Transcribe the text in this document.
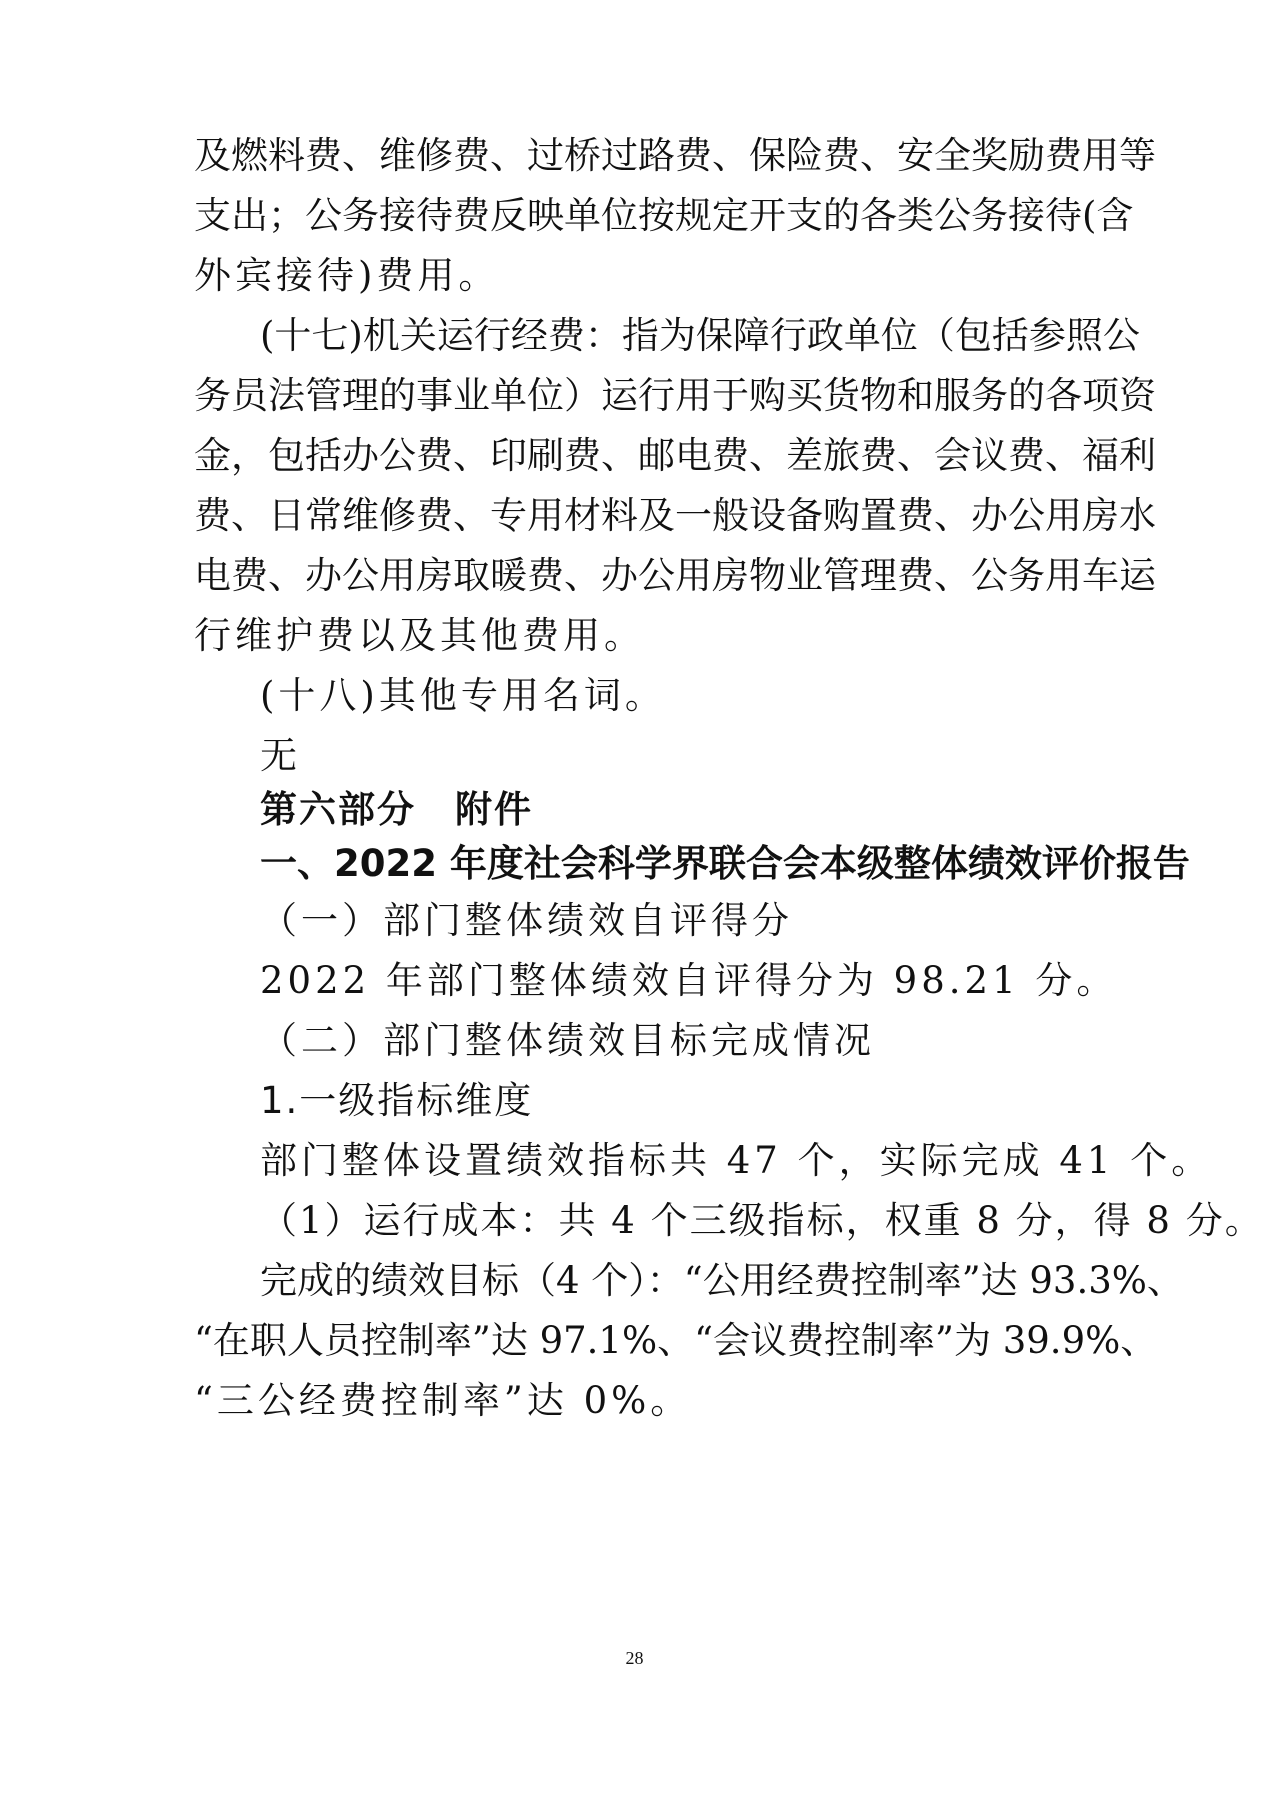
及燃料费、维修费、过桥过路费、保险费、安全奖励费用等
支出；公务接待费反映单位按规定开支的各类公务接待(含
外宾接待)费用。
(十七)机关运行经费：指为保障行政单位（包括参照公
务员法管理的事业单位）运行用于购买货物和服务的各项资
金，包括办公费、印刷费、邮电费、差旅费、会议费、福利
费、日常维修费、专用材料及一般设备购置费、办公用房水
电费、办公用房取暖费、办公用房物业管理费、公务用车运
行维护费以及其他费用。
(十八)其他专用名词。
无
第六部分　附件
一、2022 年度社会科学界联合会本级整体绩效评价报告
（一）部门整体绩效自评得分
2022 年部门整体绩效自评得分为 98.21 分。
（二）部门整体绩效目标完成情况
1.一级指标维度
部门整体设置绩效指标共 47 个，实际完成 41 个。
（1）运行成本：共 4 个三级指标，权重 8 分，得 8 分。
完成的绩效目标（4 个）：“公用经费控制率”达 93.3%、
“在职人员控制率”达 97.1%、“会议费控制率”为 39.9%、
“三公经费控制率”达 0%。
28
